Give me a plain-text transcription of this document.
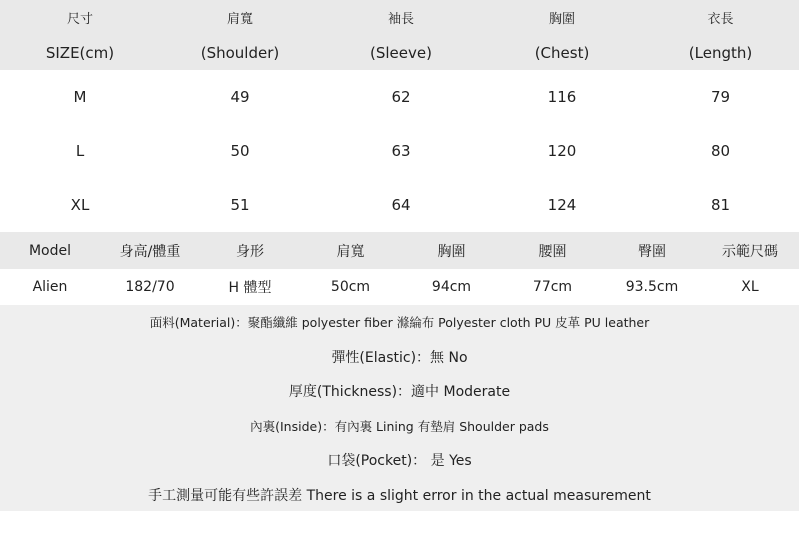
尺寸	肩寬	袖長	胸圍	衣長
SIZE(cm)	(Shoulder)	(Sleeve)	(Chest)	(Length)
M	49	62	116	79
L	50	63	120	80
XL	51	64	124	81
Model	身高/體重	身形	肩寬	胸圍	腰圍	臀圍	示範尺碼
Alien	182/70	H 體型	50cm	94cm	77cm	93.5cm	XL
面料(Material)：聚酯纖維 polyester fiber 滌綸布 Polyester cloth PU 皮革 PU leather
彈性(Elastic)：無 No
厚度(Thickness)：適中 Moderate
內裏(Inside)：有內裏 Lining 有墊肩 Shoulder pads
口袋(Pocket)： 是 Yes
手工測量可能有些許誤差 There is a slight error in the actual measurement
